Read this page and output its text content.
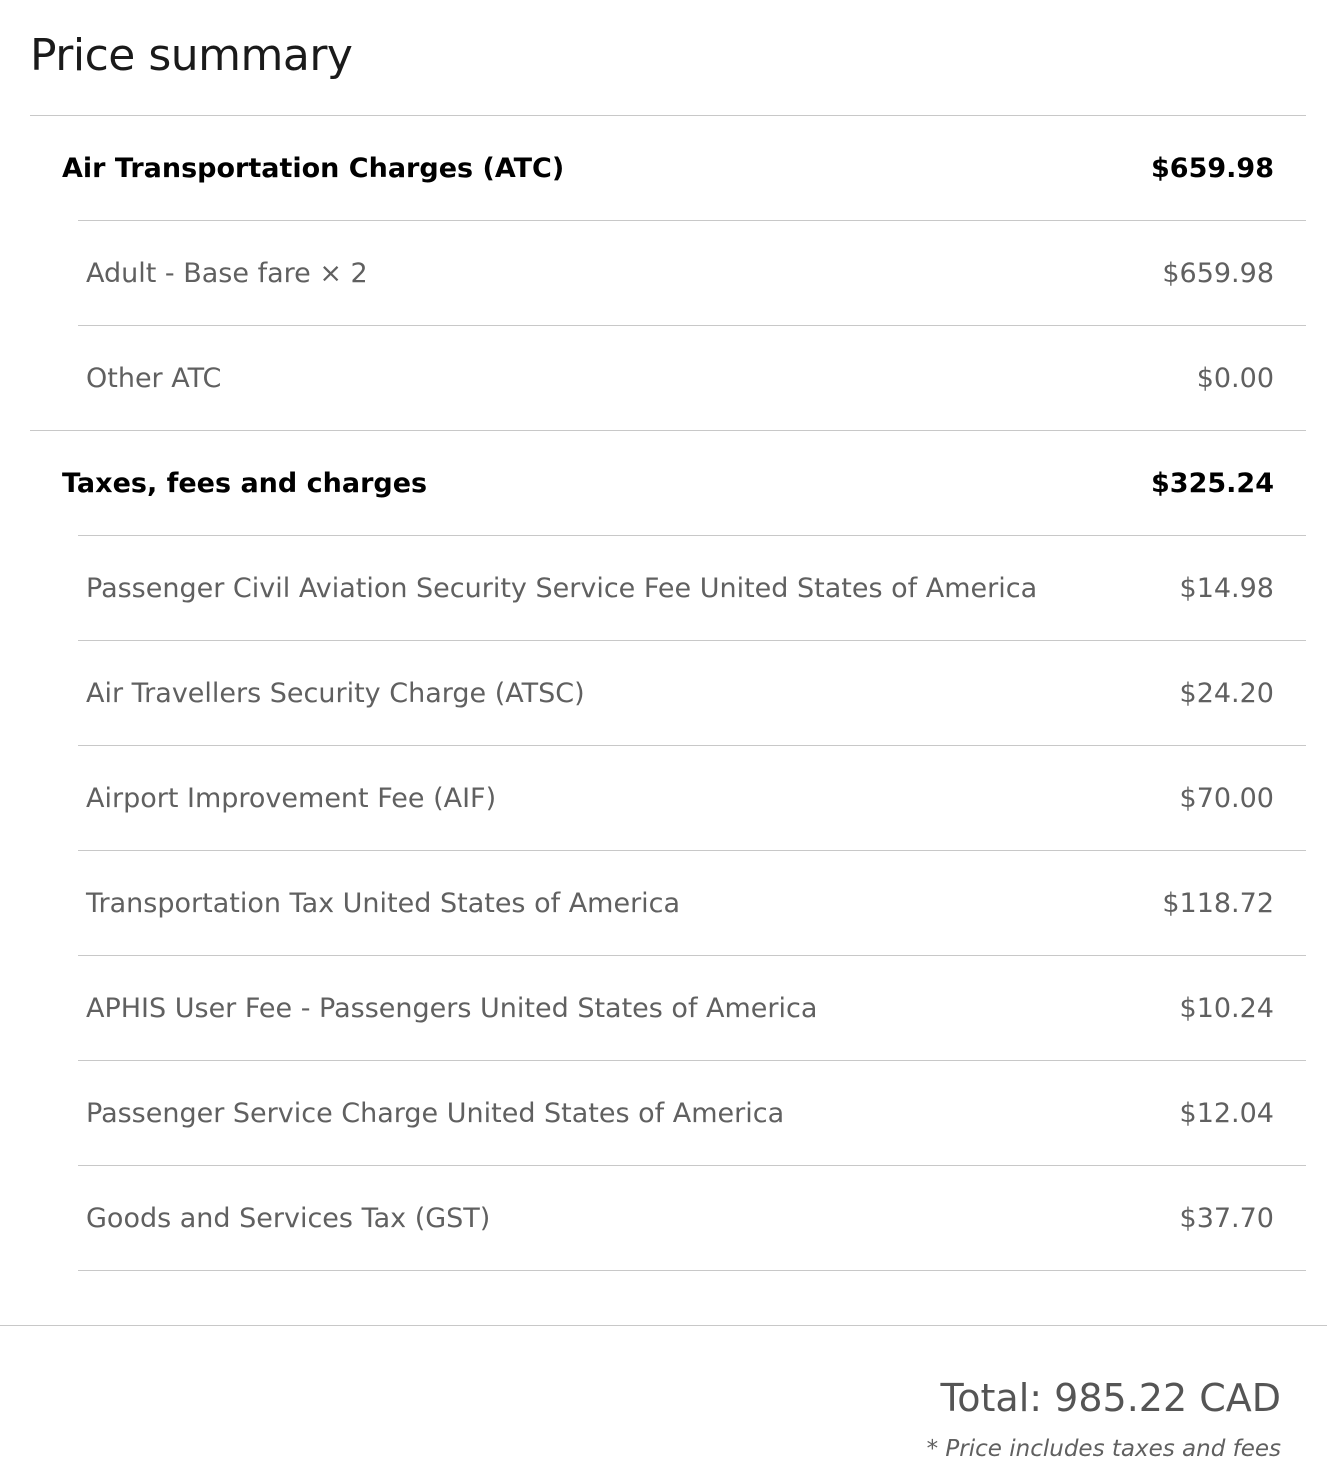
Price summary
Air Transportation Charges (ATC)	$659.98
Adult - Base fare × 2	$659.98
Other ATC	$0.00
Taxes, fees and charges	$325.24
Passenger Civil Aviation Security Service Fee United States of America	$14.98
Air Travellers Security Charge (ATSC)	$24.20
Airport Improvement Fee (AIF)	$70.00
Transportation Tax United States of America	$118.72
APHIS User Fee - Passengers United States of America	$10.24
Passenger Service Charge United States of America	$12.04
Goods and Services Tax (GST)	$37.70
Total: 985.22 CAD
* Price includes taxes and fees
